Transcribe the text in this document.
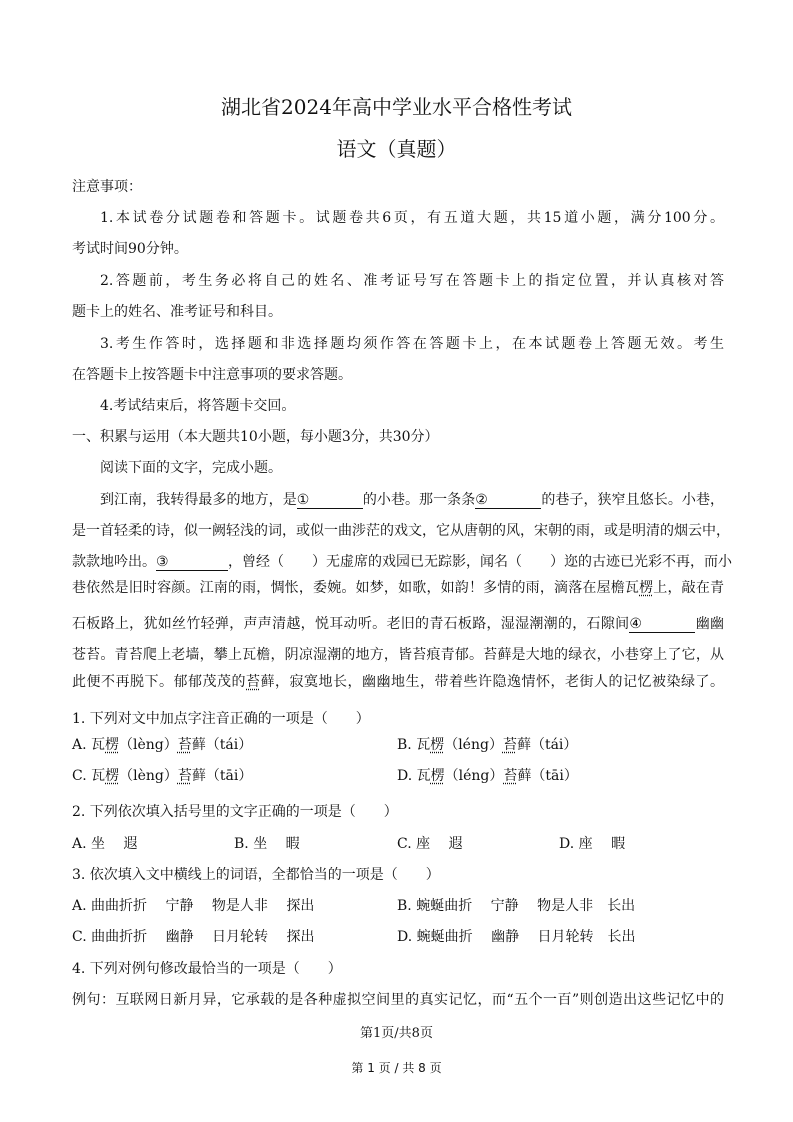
湖北省2024年高中学业水平合格性考试
语文（真题）
注意事项：
1.本试卷分试题卷和答题卡。试题卷共6页，有五道大题，共15道小题，满分100分。
考试时间90分钟。
2.答题前，考生务必将自己的姓名、准考证号写在答题卡上的指定位置，并认真核对答
题卡上的姓名、准考证号和科目。
3.考生作答时，选择题和非选择题均须作答在答题卡上，在本试题卷上答题无效。考生
在答题卡上按答题卡中注意事项的要求答题。
4.考试结束后，将答题卡交回。
一、积累与运用（本大题共10小题，每小题3分，共30分）
阅读下面的文字，完成小题。
到江南，我转得最多的地方，是①	的小巷。那一条条②	的巷子，狭窄且悠长。小巷，
是一首轻柔的诗，似一阙轻浅的词，或似一曲涉茫的戏文，它从唐朝的风，宋朝的雨，或是明清的烟云中，
款款地吟出。③	，曾经（　　）无虚席的戏园已无踪影，闻名（　　）迩的古迹已光彩不再，而小
巷依然是旧时容颜。江南的雨，惆怅，委婉。如梦，如歌，如韵！多情的雨，滴落在屋檐瓦楞上，敲在青
石板路上，犹如丝竹轻弹，声声清越，悦耳动听。老旧的青石板路，湿湿潮潮的，石隙间④	幽幽
苍苔。青苔爬上老墙，攀上瓦檐，阴凉湿潮的地方，皆苔痕青郁。苔藓是大地的绿衣，小巷穿上了它，从
此便不再脱下。郁郁茂茂的苔藓，寂寞地长，幽幽地生，带着些许隐逸情怀，老街人的记忆被染绿了。
1. 下列对文中加点字注音正确的一项是（　　）
A. 瓦楞（lèng）苔藓（tái）	B. 瓦楞（léng）苔藓（tái）
C. 瓦楞（lèng）苔藓（tāi）	D. 瓦楞（léng）苔藓（tāi）
2. 下列依次填入括号里的文字正确的一项是（　　）
A. 坐　 遐	B. 坐　 暇	C. 座　 遐	D. 座　 暇
3. 依次填入文中横线上的词语，全都恰当的一项是（　　）
A. 曲曲折折　 宁静　 物是人非　 探出	B. 蜿蜒曲折　 宁静　 物是人非　长出
C. 曲曲折折　 幽静　 日月轮转　 探出	D. 蜿蜒曲折　 幽静　 日月轮转　长出
4. 下列对例句修改最恰当的一项是（　　）
例句：互联网日新月异，它承载的是各种虚拟空间里的真实记忆，而“五个一百”则创造出这些记忆中的
第1页/共8页
第 1 页 / 共 8 页
